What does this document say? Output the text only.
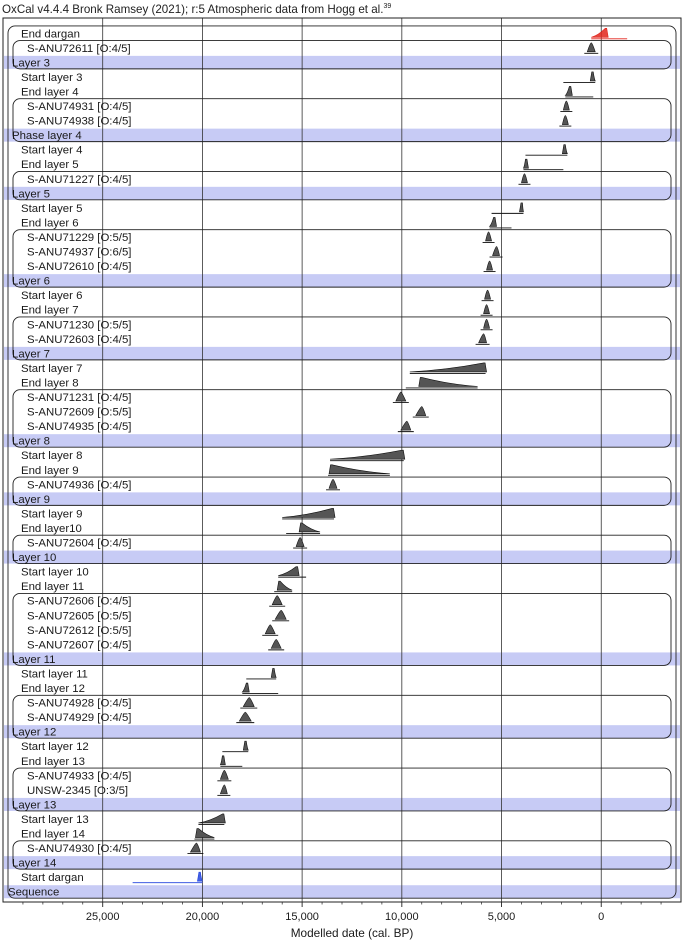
OxCal v4.4.4 Bronk Ramsey (2021); r:5 Atmospheric data from Hogg et al.$^{39}$
End dargan
S-ANU72611 [O:4/5]
Layer 3
Start layer 3
End layer 4
S-ANU74931 [O:4/5]
S-ANU74938 [O:4/5]
Phase layer 4
Start layer 4
End layer 5
S-ANU71227 [O:4/5]
Layer 5
Start layer 5
End layer 6
S-ANU71229 [O:5/5]
S-ANU74937 [O:6/5]
S-ANU72610 [O:4/5]
Layer 6
Start layer 6
End layer 7
S-ANU71230 [O:5/5]
S-ANU72603 [O:4/5]
Layer 7
Start layer 7
End layer 8
S-ANU71231 [O:4/5]
S-ANU72609 [O:5/5]
S-ANU74935 [O:4/5]
Layer 8
Start layer 8
End layer 9
S-ANU74936 [O:4/5]
Layer 9
Start layer 9
End layer10
S-ANU72604 [O:4/5]
Layer 10
Start layer 10
End layer 11
S-ANU72606 [O:4/5]
S-ANU72605 [O:5/5]
S-ANU72612 [O:5/5]
S-ANU72607 [O:4/5]
Layer 11
Start layer 11
End layer 12
S-ANU74928 [O:4/5]
S-ANU74929 [O:4/5]
Layer 12
Start layer 12
End layer 13
S-ANU74933 [O:4/5]
UNSW-2345 [O:3/5]
Layer 13
Start layer 13
End layer 14
S-ANU74930 [O:4/5]
Layer 14
Start dargan
Sequence
25,000	20,000	15,000	10,000	5,000	0
Modelled date (cal. BP)
